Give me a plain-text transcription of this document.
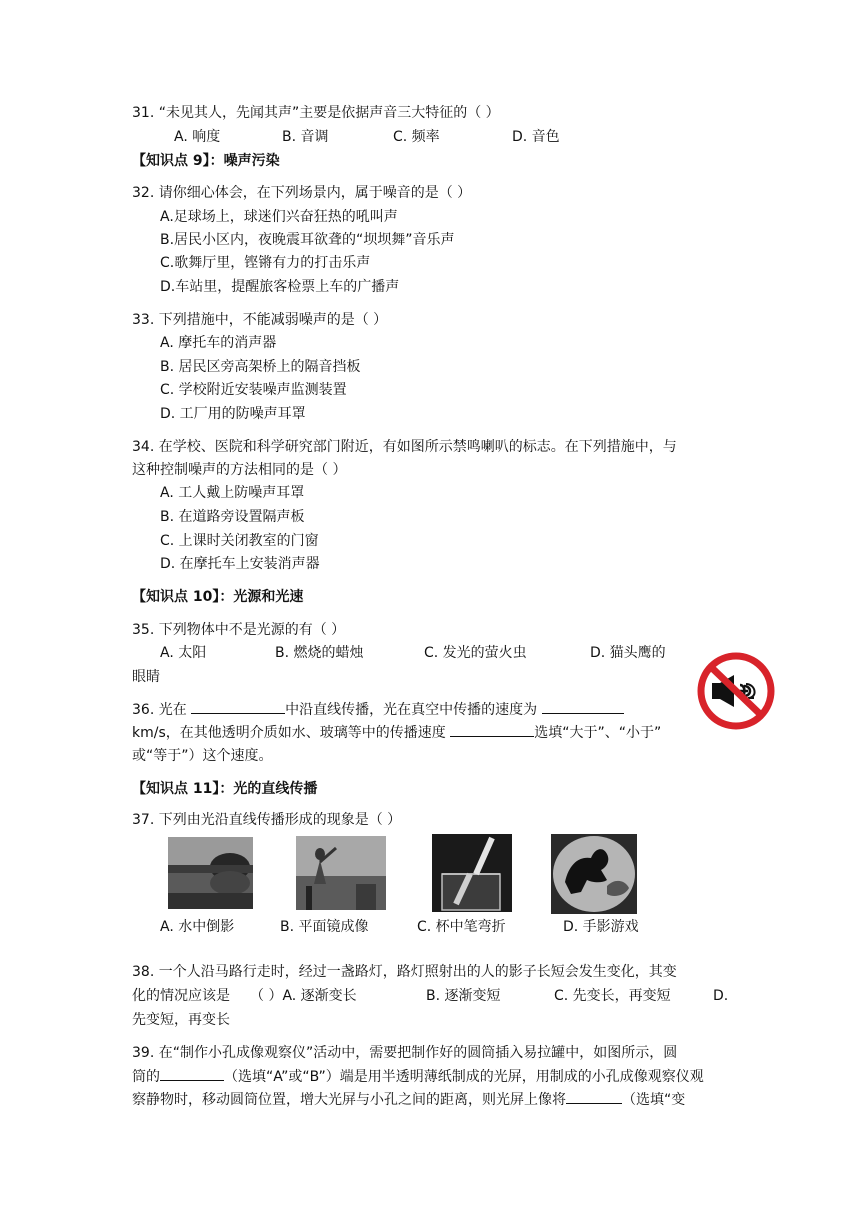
31. “未见其人，先闻其声”主要是依据声音三大特征的（ ）
A. 响度	B. 音调	C. 频率	D. 音色
【知识点 9】：噪声污染
32. 请你细心体会，在下列场景内，属于噪音的是（ ）
A.足球场上，球迷们兴奋狂热的吼叫声
B.居民小区内，夜晚震耳欲聋的“坝坝舞”音乐声
C.歌舞厅里，铿锵有力的打击乐声
D.车站里，提醒旅客检票上车的广播声
33. 下列措施中，不能减弱噪声的是（ ）
A. 摩托车的消声器
B. 居民区旁高架桥上的隔音挡板
C. 学校附近安装噪声监测装置
D. 工厂用的防噪声耳罩
34. 在学校、医院和科学研究部门附近，有如图所示禁鸣喇叭的标志。在下列措施中，与
这种控制噪声的方法相同的是（ ）
A. 工人戴上防噪声耳罩
B. 在道路旁设置隔声板
C. 上课时关闭教室的门窗
D. 在摩托车上安装消声器
【知识点 10】：光源和光速
35. 下列物体中不是光源的有（ ）
A. 太阳	B. 燃烧的蜡烛	C. 发光的萤火虫	D. 猫头鹰的
眼睛
36. 光在	中沿直线传播，光在真空中传播的速度为
km/s，在其他透明介质如水、玻璃等中的传播速度	选填“大于”、“小于”
或“等于”）这个速度。
【知识点 11】：光的直线传播
37. 下列由光沿直线传播形成的现象是（ ）
A. 水中倒影	B. 平面镜成像	C. 杯中笔弯折	D. 手影游戏
38. 一个人沿马路行走时，经过一盏路灯，路灯照射出的人的影子长短会发生变化，其变
化的情况应该是 （ ）A. 逐渐变长	B. 逐渐变短	C. 先变长，再变短	D.
先变短，再变长
39. 在“制作小孔成像观察仪”活动中，需要把制作好的圆筒插入易拉罐中，如图所示，圆
筒的	（选填“A”或“B”）端是用半透明薄纸制成的光屏，用制成的小孔成像观察仪观
察静物时，移动圆筒位置，增大光屏与小孔之间的距离，则光屏上像将	（选填“变
